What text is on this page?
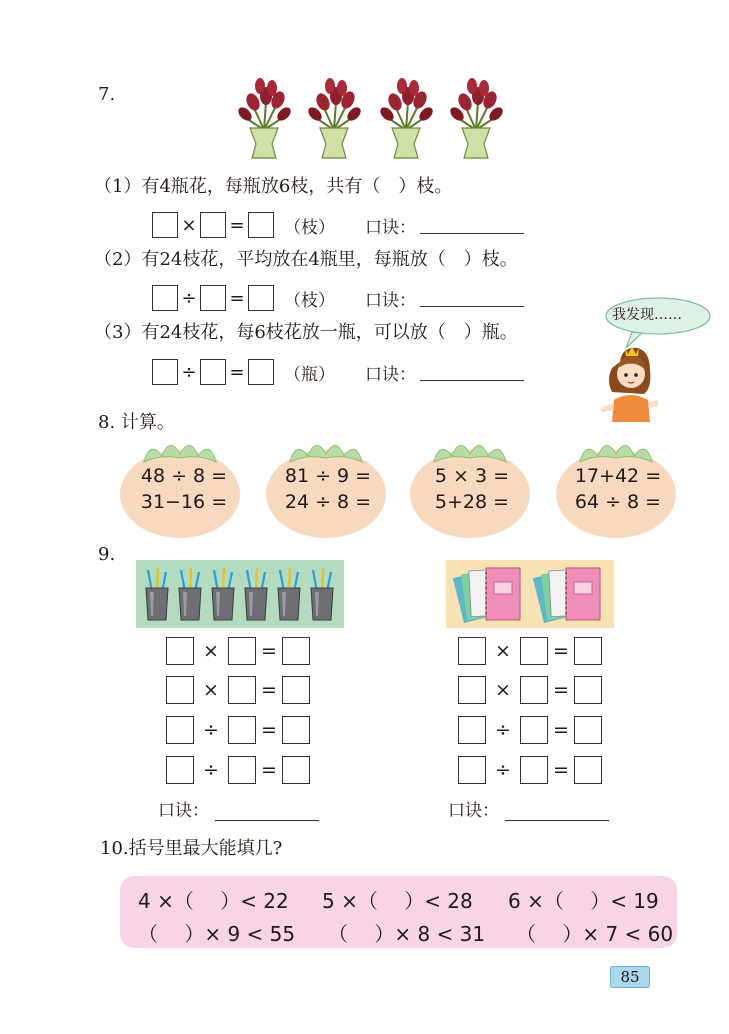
7.
（1）有4瓶花，每瓶放6枝，共有（　）枝。
× = （枝） 口诀：
（2）有24枝花，平均放在4瓶里，每瓶放（　）枝。
÷ = （枝） 口诀：
（3）有24枝花，每6枝花放一瓶，可以放（　）瓶。
÷ = （瓶） 口诀：
我发现……
8. 计算。
48 ÷ 8 =
31−16 =
81 ÷ 9 =
24 ÷ 8 =
5 × 3 =
5+28 =
17+42 =
64 ÷ 8 =
9.
×	=
×	=
÷	=
÷	=
口诀：
×	=
×	=
÷	=
÷	=
口诀：
10.括号里最大能填几?
4 ×（　 ）< 22 5 ×（　 ）< 28 6 ×（　 ）< 19
（　 ）× 9 < 55 （　 ）× 8 < 31 （　 ）× 7 < 60
85
